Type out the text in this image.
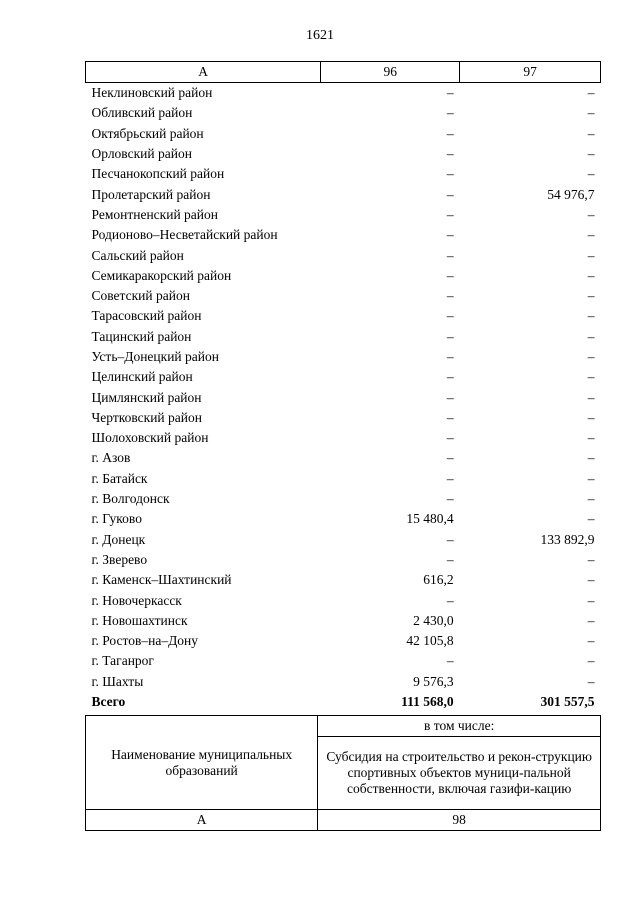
1621
А	96	97
Неклиновский район	–	–
Обливский район	–	–
Октябрьский район	–	–
Орловский район	–	–
Песчанокопский район	–	–
Пролетарский район	–	54 976,7
Ремонтненский район	–	–
Родионово–Несветайский район	–	–
Сальский район	–	–
Семикаракорский район	–	–
Советский район	–	–
Тарасовский район	–	–
Тацинский район	–	–
Усть–Донецкий район	–	–
Целинский район	–	–
Цимлянский район	–	–
Чертковский район	–	–
Шолоховский район	–	–
г. Азов	–	–
г. Батайск	–	–
г. Волгодонск	–	–
г. Гуково	15 480,4	–
г. Донецк	–	133 892,9
г. Зверево	–	–
г. Каменск–Шахтинский	616,2	–
г. Новочеркасск	–	–
г. Новошахтинск	2 430,0	–
г. Ростов–на–Дону	42 105,8	–
г. Таганрог	–	–
г. Шахты	9 576,3	–
Всего	111 568,0	301 557,5
Наименование муниципальных образований	в том числе:
	Субсидия на строительство и рекон-струкцию спортивных объектов муници-пальной собственности, включая газифи-кацию
А	98
